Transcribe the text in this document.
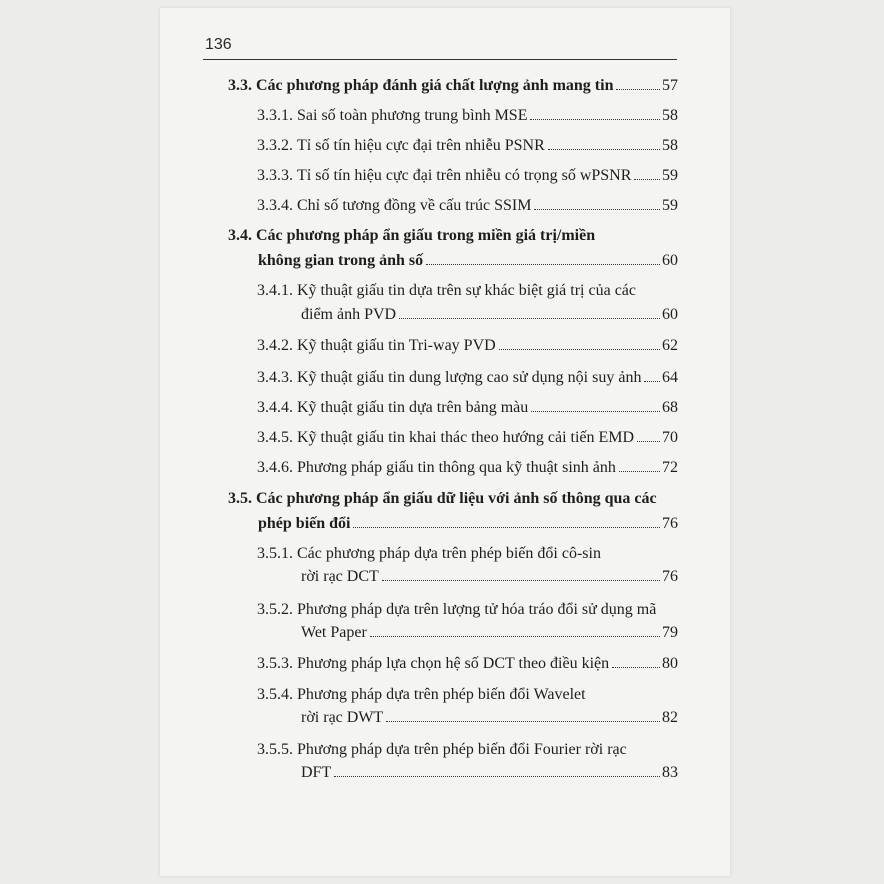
136
3.3.
Các phương pháp đánh giá chất lượng ảnh mang tin	57
3.3.1.
Sai số toàn phương trung bình MSE	58
3.3.2.
Tỉ số tín hiệu cực đại trên nhiễu PSNR	58
3.3.3.
Tỉ số tín hiệu cực đại trên nhiễu có trọng số wPSNR 59
3.3.4.
Chỉ số tương đồng về cấu trúc SSIM	59
3.4. Các phương pháp ẩn giấu trong miền giá trị/miền
không gian trong ảnh số	60
3.4.1. Kỹ thuật giấu tin dựa trên sự khác biệt giá trị của các
điểm ảnh PVD	60
3.4.2.
Kỹ thuật giấu tin Tri-way PVD	62
3.4.3.
Kỹ thuật giấu tin dung lượng cao sử dụng nội suy ảnh 64
3.4.4.
Kỹ thuật giấu tin dựa trên bảng màu	68
3.4.5.
Kỹ thuật giấu tin khai thác theo hướng cải tiến EMD 70
3.4.6.
Phương pháp giấu tin thông qua kỹ thuật sinh ảnh	72
3.5. Các phương pháp ẩn giấu dữ liệu với ảnh số thông qua các
phép biến đổi	76
3.5.1. Các phương pháp dựa trên phép biến đổi cô-sin
rời rạc DCT	76
3.5.2. Phương pháp dựa trên lượng tử hóa tráo đổi sử dụng mã
Wet Paper	79
3.5.3.
Phương pháp lựa chọn hệ số DCT theo điều kiện	80
3.5.4. Phương pháp dựa trên phép biến đổi Wavelet
rời rạc DWT	82
3.5.5. Phương pháp dựa trên phép biến đổi Fourier rời rạc
DFT	83
